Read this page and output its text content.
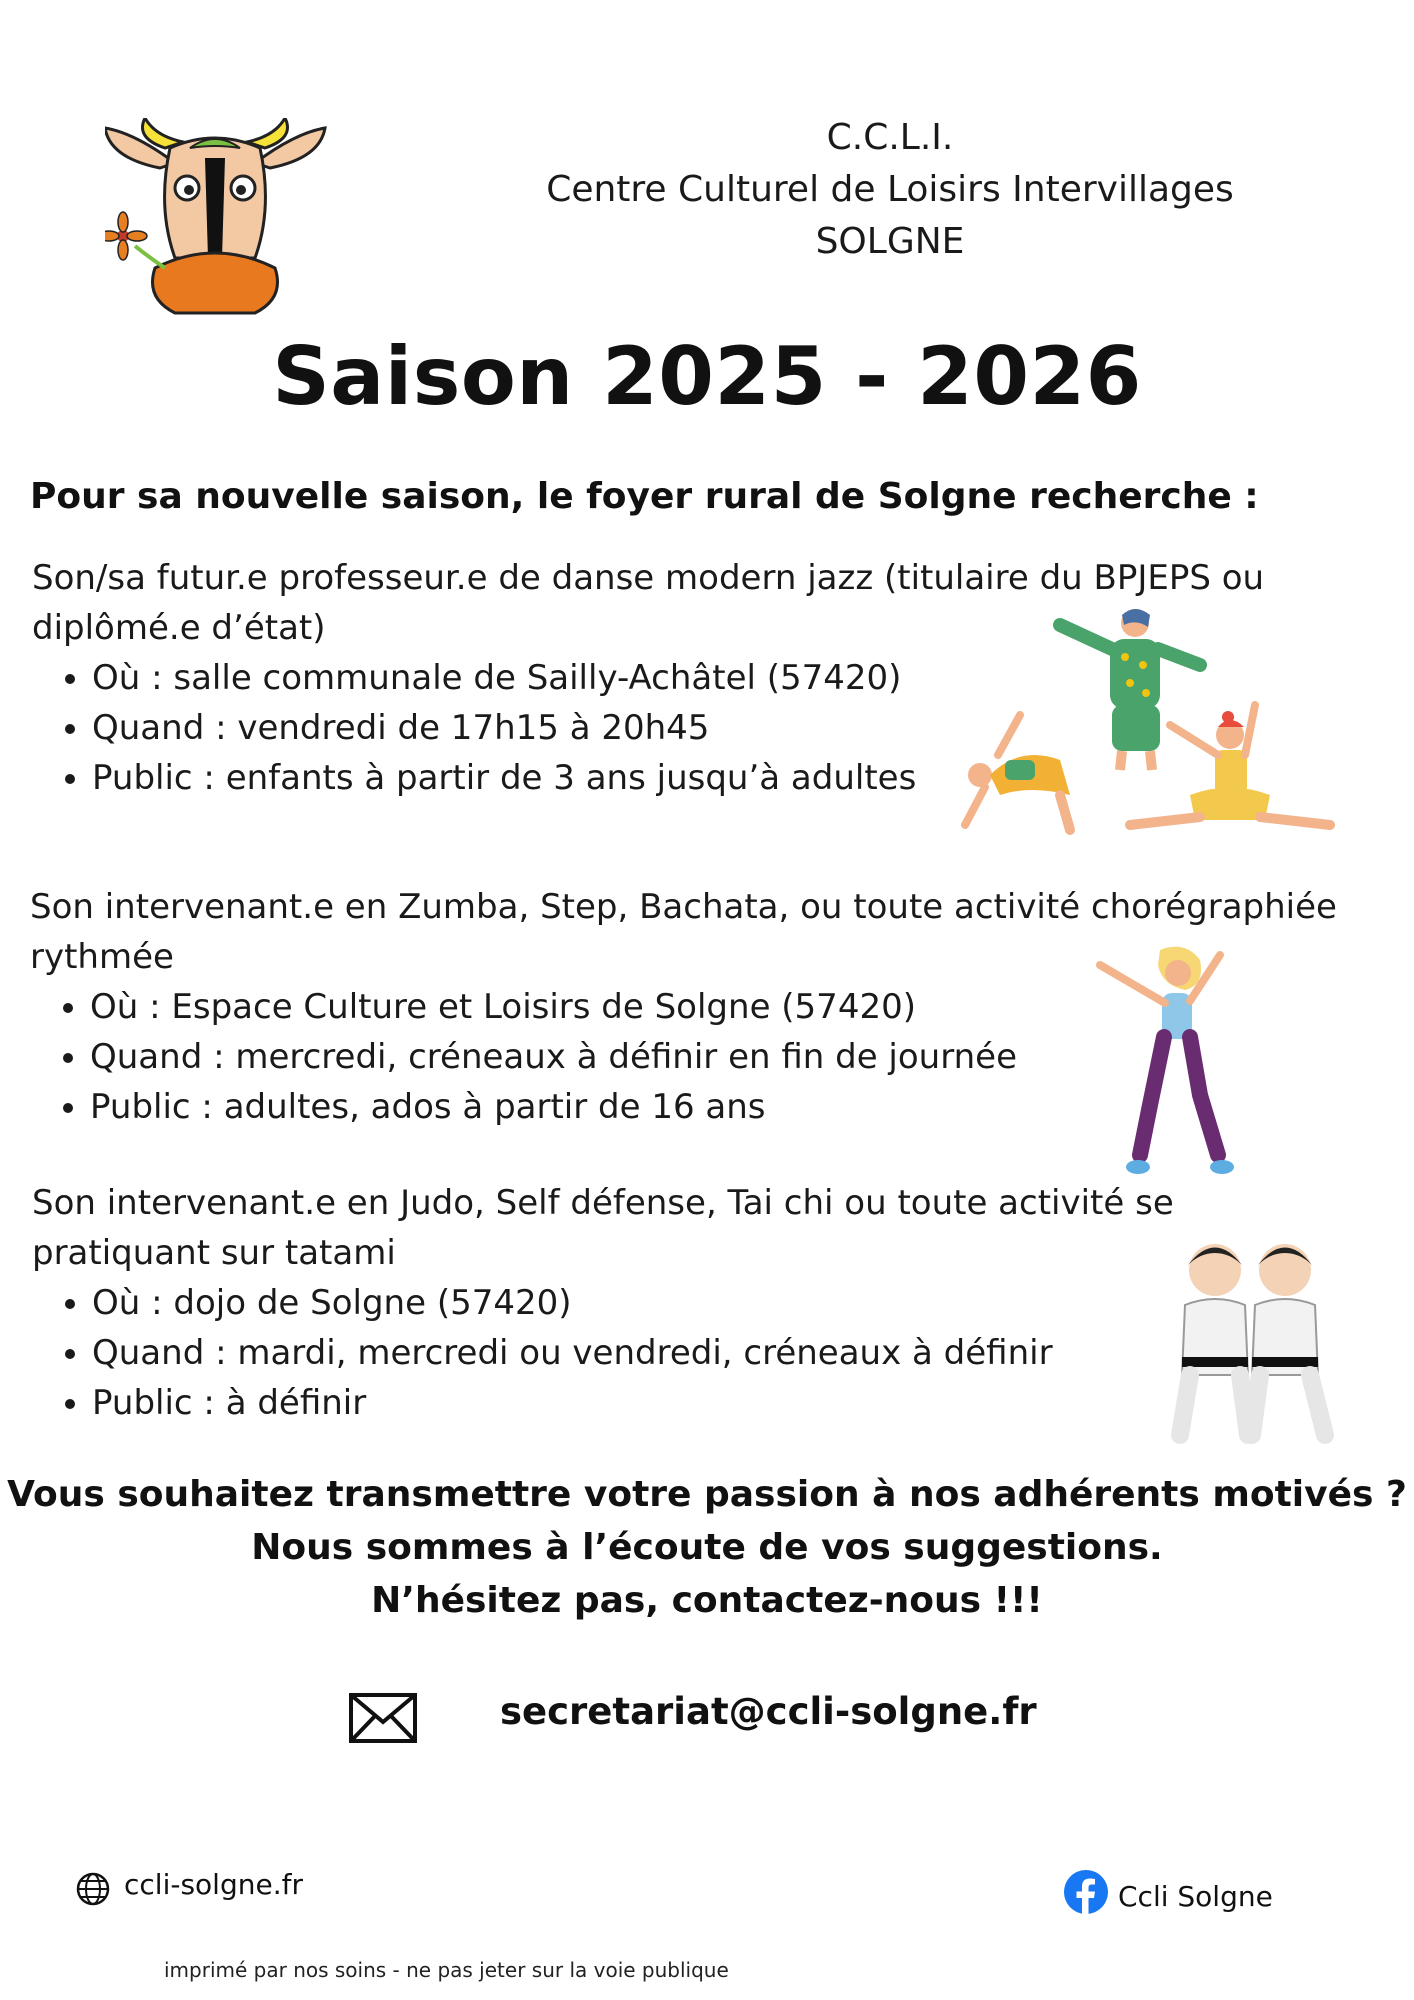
C.C.L.I.
Centre Culturel de Loisirs Intervillages
SOLGNE
Saison 2025 - 2026
Pour sa nouvelle saison, le foyer rural de Solgne recherche :

Son/sa futur.e professeur.e de danse modern jazz (titulaire du BPJEPS ou diplômé.e d’état)

• Où : salle communale de Sailly-Achâtel (57420)
• Quand : vendredi de 17h15 à 20h45
• Public : enfants à partir de 3 ans jusqu’à adultes

Son intervenant.e en Zumba, Step, Bachata, ou toute activité chorégraphiée rythmée

• Où : Espace Culture et Loisirs de Solgne (57420)
• Quand : mercredi, créneaux à définir en fin de journée
• Public : adultes, ados à partir de 16 ans

Son intervenant.e en Judo, Self défense, Tai chi ou toute activité se pratiquant sur tatami

• Où : dojo de Solgne (57420)
• Quand : mardi, mercredi ou vendredi, créneaux à définir
• Public : à définir
Vous souhaitez transmettre votre passion à nos adhérents motivés ?
Nous sommes à l’écoute de vos suggestions.
N’hésitez pas, contactez-nous !!!
secretariat@ccli-solgne.fr
ccli-solgne.fr	Ccli Solgne
imprimé par nos soins - ne pas jeter sur la voie publique
